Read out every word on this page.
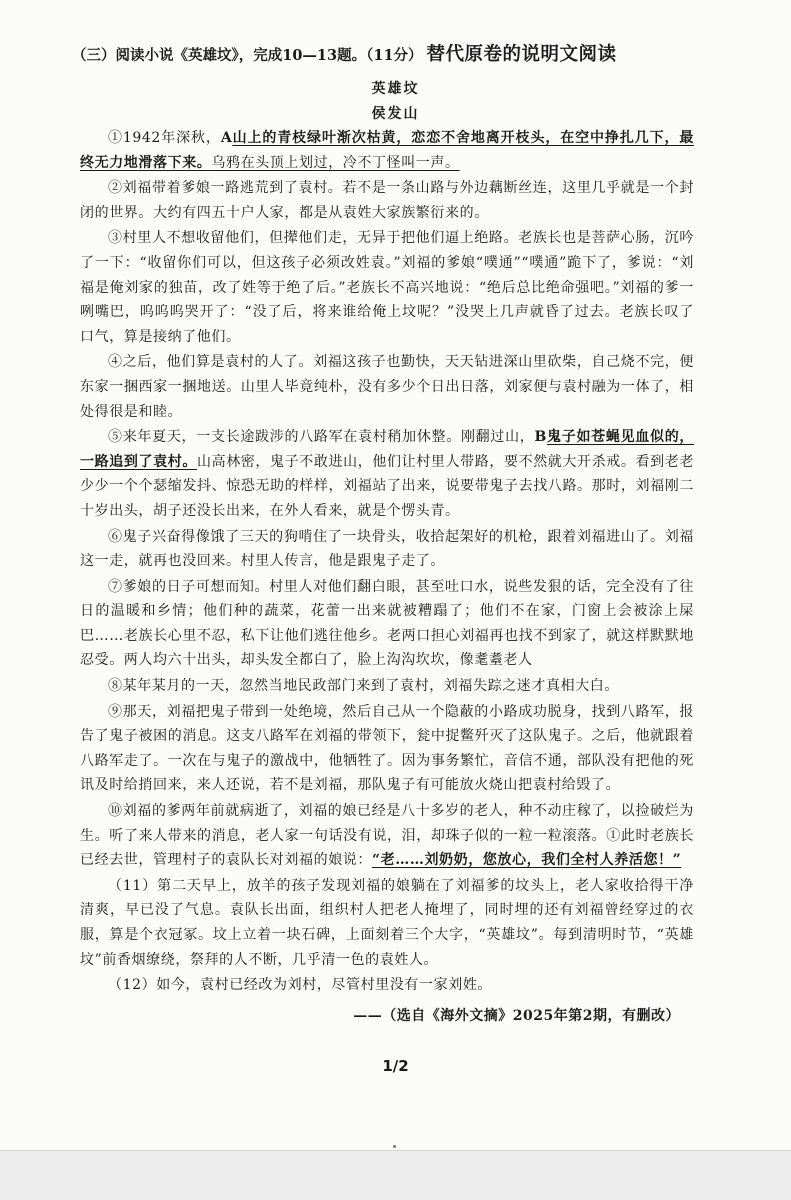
（三）阅读小说《英雄坟》，完成10—13题。（11分） 替代原卷的说明文阅读
英雄坟
侯发山

①1942年深秋，A山上的青枝绿叶渐次枯黄，恋恋不舍地离开枝头，在空中挣扎几下，最终无力地滑落下来。乌鸦在头顶上划过，冷不丁怪叫一声。

②刘福带着爹娘一路逃荒到了袁村。若不是一条山路与外边藕断丝连，这里几乎就是一个封闭的世界。大约有四五十户人家，都是从袁姓大家族繁衍来的。

③村里人不想收留他们，但撵他们走，无异于把他们逼上绝路。老族长也是菩萨心肠，沉吟了一下：“收留你们可以，但这孩子必须改姓袁。”刘福的爹娘“噗通”“噗通”跪下了，爹说：“刘福是俺刘家的独苗，改了姓等于绝了后。”老族长不高兴地说：“绝后总比绝命强吧。”刘福的爹一咧嘴巴，呜呜呜哭开了：“没了后，将来谁给俺上坟呢？”没哭上几声就昏了过去。老族长叹了口气，算是接纳了他们。

④之后，他们算是袁村的人了。刘福这孩子也勤快，天天钻进深山里砍柴，自己烧不完，便东家一捆西家一捆地送。山里人毕竟纯朴，没有多少个日出日落，刘家便与袁村融为一体了，相处得很是和睦。

⑤来年夏天，一支长途跋涉的八路军在袁村稍加休整。刚翻过山，B鬼子如苍蝇见血似的，一路追到了袁村。山高林密，鬼子不敢进山，他们让村里人带路，要不然就大开杀戒。看到老老少少一个个瑟缩发抖、惊恐无助的样样，刘福站了出来，说要带鬼子去找八路。那时，刘福刚二十岁出头，胡子还没长出来，在外人看来，就是个愣头青。

⑥鬼子兴奋得像饿了三天的狗啃住了一块骨头，收拾起架好的机枪，跟着刘福进山了。刘福这一走，就再也没回来。村里人传言，他是跟鬼子走了。

⑦爹娘的日子可想而知。村里人对他们翻白眼，甚至吐口水，说些发狠的话，完全没有了往日的温暖和乡情；他们种的蔬菜，花蕾一出来就被糟蹋了；他们不在家，门窗上会被涂上屎巴……老族长心里不忍，私下让他们逃往他乡。老两口担心刘福再也找不到家了，就这样默默地忍受。两人均六十出头，却头发全都白了，脸上沟沟坎坎，像耄耋老人

⑧某年某月的一天，忽然当地民政部门来到了袁村，刘福失踪之迷才真相大白。

⑨那天，刘福把鬼子带到一处绝境，然后自己从一个隐蔽的小路成功脱身，找到八路军，报告了鬼子被困的消息。这支八路军在刘福的带领下，瓮中捉鳖歼灭了这队鬼子。之后，他就跟着八路军走了。一次在与鬼子的激战中，他牺牲了。因为事务繁忙，音信不通，部队没有把他的死讯及时给捎回来，来人还说，若不是刘福，那队鬼子有可能放火烧山把袁村给毁了。

⑩刘福的爹两年前就病逝了，刘福的娘已经是八十多岁的老人，种不动庄稼了，以捡破烂为生。听了来人带来的消息，老人家一句话没有说，泪，却珠子似的一粒一粒滚落。①此时老族长已经去世，管理村子的袁队长对刘福的娘说：“老……刘奶奶，您放心，我们全村人养活您！”

（11）第二天早上，放羊的孩子发现刘福的娘躺在了刘福爹的坟头上，老人家收拾得干净清爽，早已没了气息。袁队长出面，组织村人把老人掩埋了，同时埋的还有刘福曾经穿过的衣服，算是个衣冠冢。坟上立着一块石碑，上面刻着三个大字，“英雄坟”。每到清明时节，“英雄坟”前香烟缭绕，祭拜的人不断，几乎清一色的袁姓人。

（12）如今，袁村已经改为刘村，尽管村里没有一家刘姓。

——（选自《海外文摘》2025年第2期，有删改）
1/2
